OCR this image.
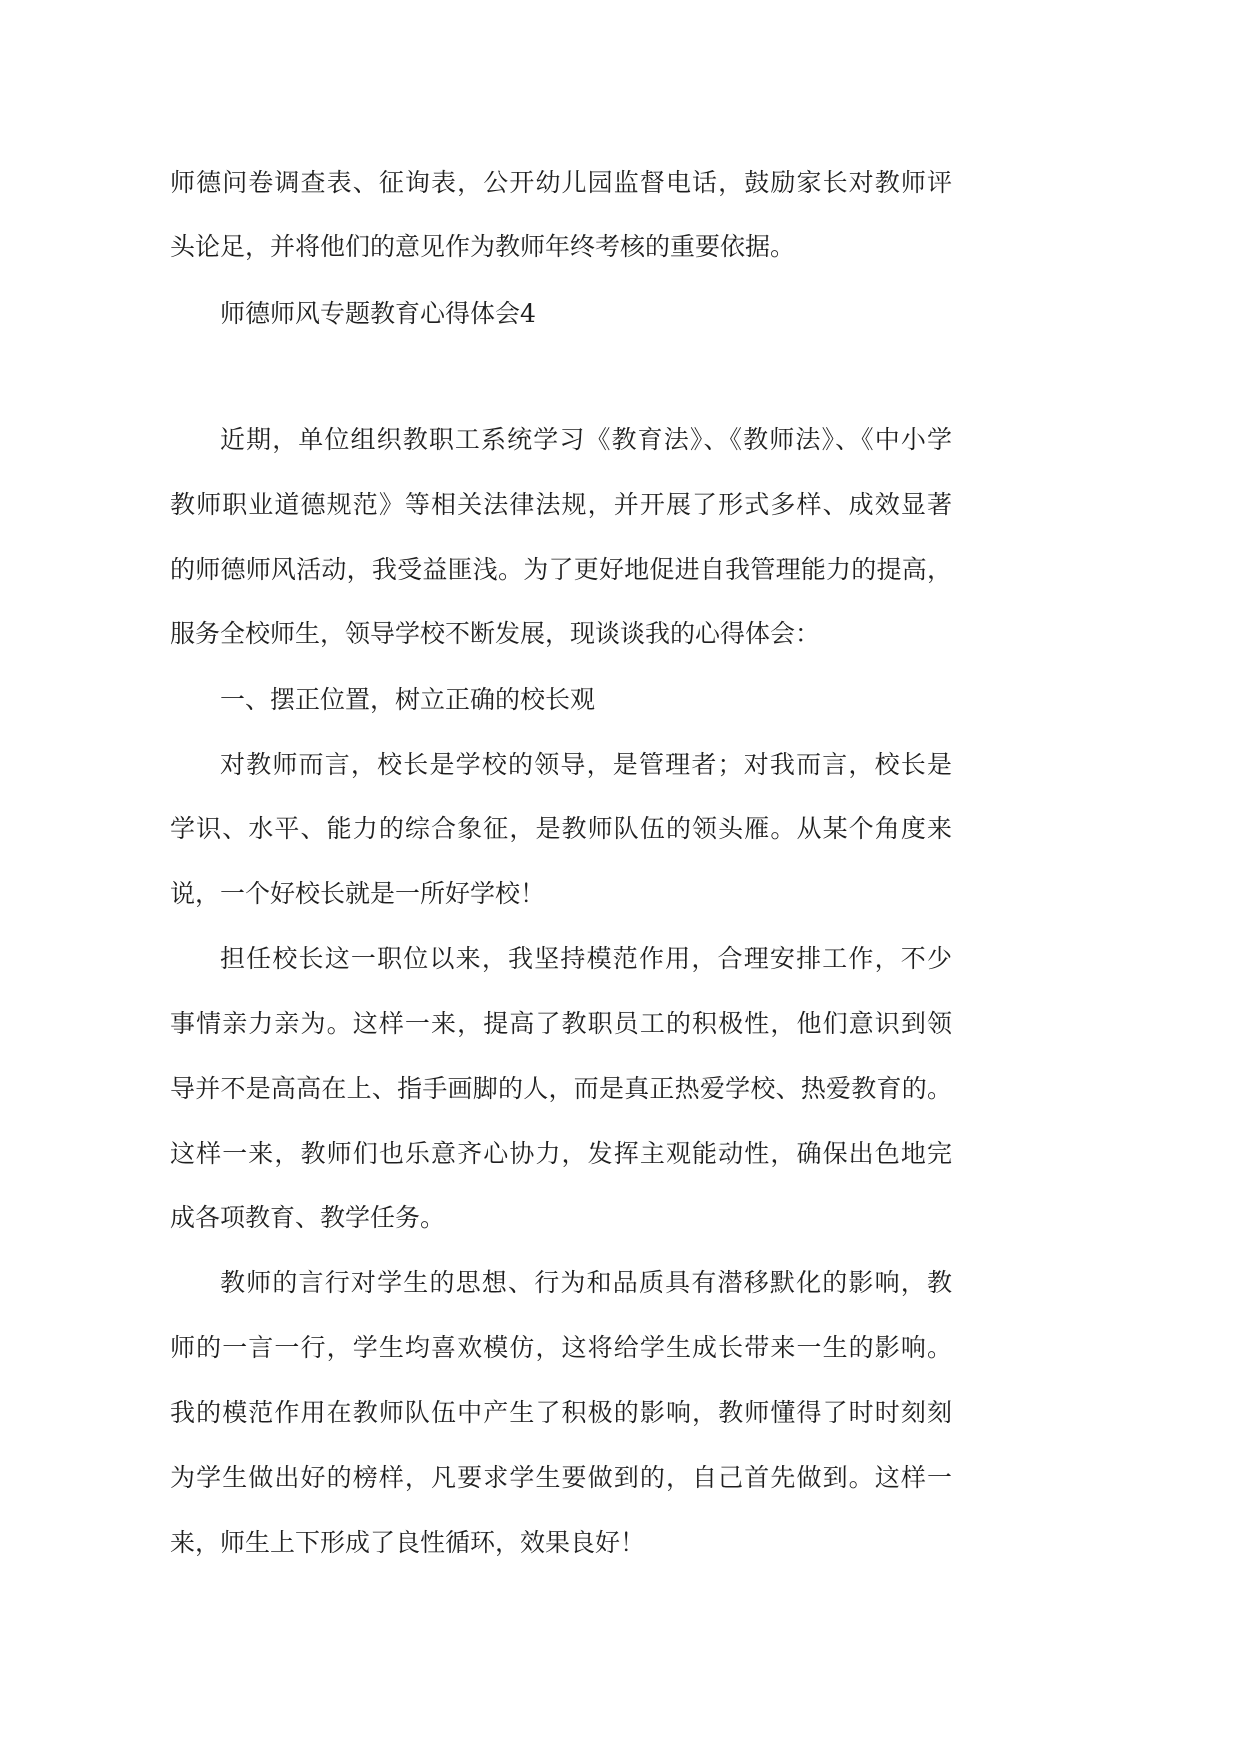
师德问卷调查表、征询表，公开幼儿园监督电话，鼓励家长对教师评
头论足，并将他们的意见作为教师年终考核的重要依据。
师德师风专题教育心得体会4
近期，单位组织教职工系统学习《教育法》、《教师法》、《中小学
教师职业道德规范》等相关法律法规，并开展了形式多样、成效显著
的师德师风活动，我受益匪浅。为了更好地促进自我管理能力的提高，
服务全校师生，领导学校不断发展，现谈谈我的心得体会：
一、摆正位置，树立正确的校长观
对教师而言，校长是学校的领导，是管理者；对我而言，校长是
学识、水平、能力的综合象征，是教师队伍的领头雁。从某个角度来
说，一个好校长就是一所好学校！
担任校长这一职位以来，我坚持模范作用，合理安排工作，不少
事情亲力亲为。这样一来，提高了教职员工的积极性，他们意识到领
导并不是高高在上、指手画脚的人，而是真正热爱学校、热爱教育的。
这样一来，教师们也乐意齐心协力，发挥主观能动性，确保出色地完
成各项教育、教学任务。
教师的言行对学生的思想、行为和品质具有潜移默化的影响，教
师的一言一行，学生均喜欢模仿，这将给学生成长带来一生的影响。
我的模范作用在教师队伍中产生了积极的影响，教师懂得了时时刻刻
为学生做出好的榜样，凡要求学生要做到的，自己首先做到。这样一
来，师生上下形成了良性循环，效果良好！
